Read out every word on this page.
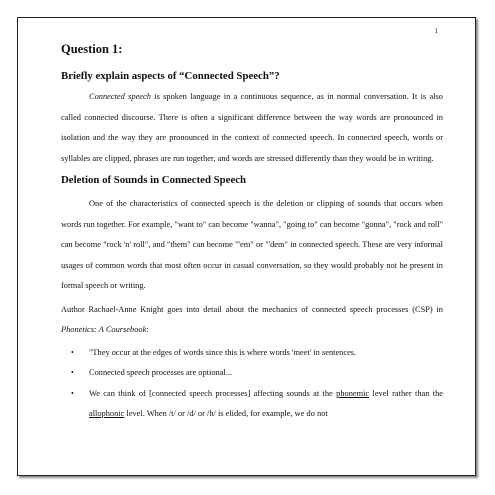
1
Question 1:
Briefly explain aspects of “Connected Speech”?

Connected speech is spoken language in a continuous sequence, as in normal conversation. It is also called connected discourse. There is often a significant difference between the way words are pronounced in isolation and the way they are pronounced in the context of connected speech. In connected speech, words or syllables are clipped, phrases are run together, and words are stressed differently than they would be in writing.

Deletion of Sounds in Connected Speech

One of the characteristics of connected speech is the deletion or clipping of sounds that occurs when words run together. For example, "want to" can become "wanna", "going to" can become "gonna", "rock and roll" can become "rock 'n' roll", and "them" can become "'em" or "'dem" in connected speech. These are very informal usages of common words that most often occur in casual conversation, so they would probably not be present in formal speech or writing.

Author Rachael-Anne Knight goes into detail about the mechanics of connected speech processes (CSP) in Phonetics: A Coursebook:

• "They occur at the edges of words since this is where words 'meet' in sentences.
• Connected speech processes are optional...
• We can think of [connected speech processes] affecting sounds at the phonemic level rather than the allophonic level. When /t/ or /d/ or /h/ is elided, for example, we do not
